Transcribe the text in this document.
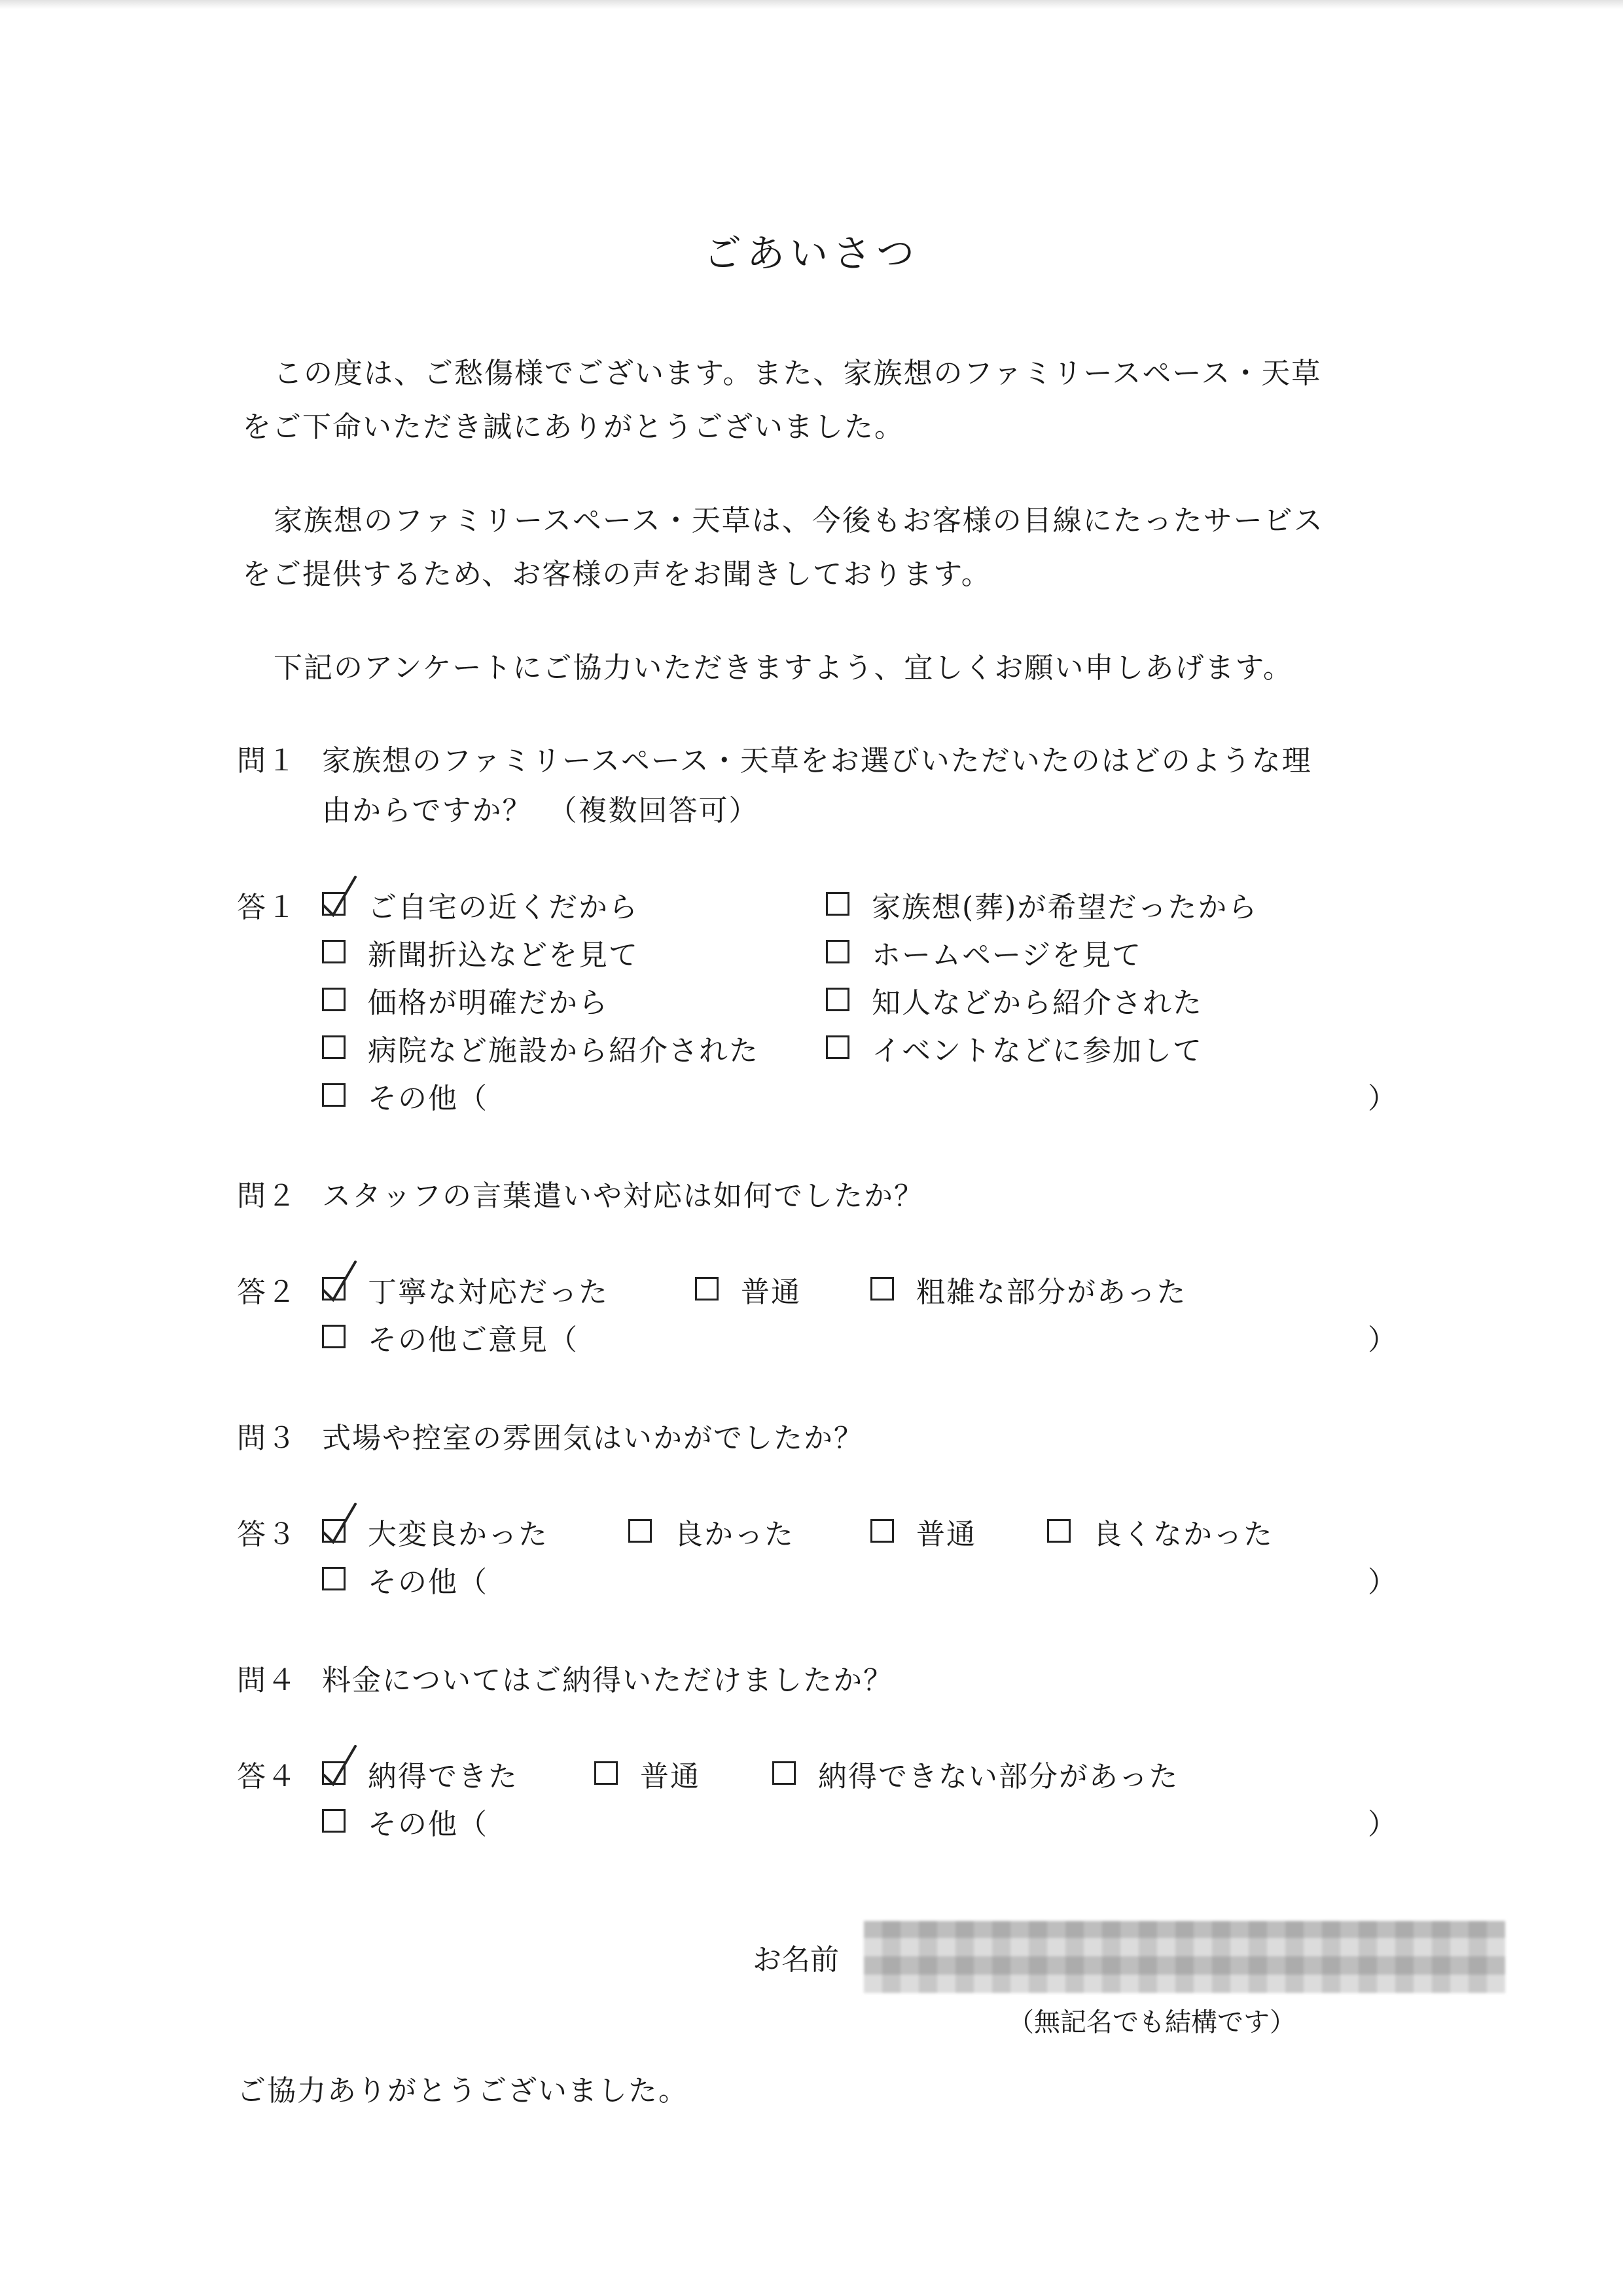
ごあいさつ
この度は、ご愁傷様でございます。また、家族想のファミリースペース・天草
をご下命いただき誠にありがとうございました。
家族想のファミリースペース・天草は、今後もお客様の目線にたったサービス
をご提供するため、お客様の声をお聞きしております。
下記のアンケートにご協力いただきますよう、宜しくお願い申しあげます。
問１ 家族想のファミリースペース・天草をお選びいただいたのはどのような理
由からですか？　（複数回答可）
答１	ご自宅の近くだから	家族想(葬)が希望だったから
新聞折込などを見て	ホームページを見て
価格が明確だから	知人などから紹介された
病院など施設から紹介された	イベントなどに参加して
その他（	）
問２ スタッフの言葉遣いや対応は如何でしたか？
答２	丁寧な対応だった	普通	粗雑な部分があった
その他ご意見（	）
問３ 式場や控室の雰囲気はいかがでしたか？
答３	大変良かった	良かった	普通	良くなかった
その他（	）
問４ 料金についてはご納得いただけましたか？
答４	納得できた	普通	納得できない部分があった
その他（	）
お名前
（無記名でも結構です）
ご協力ありがとうございました。
